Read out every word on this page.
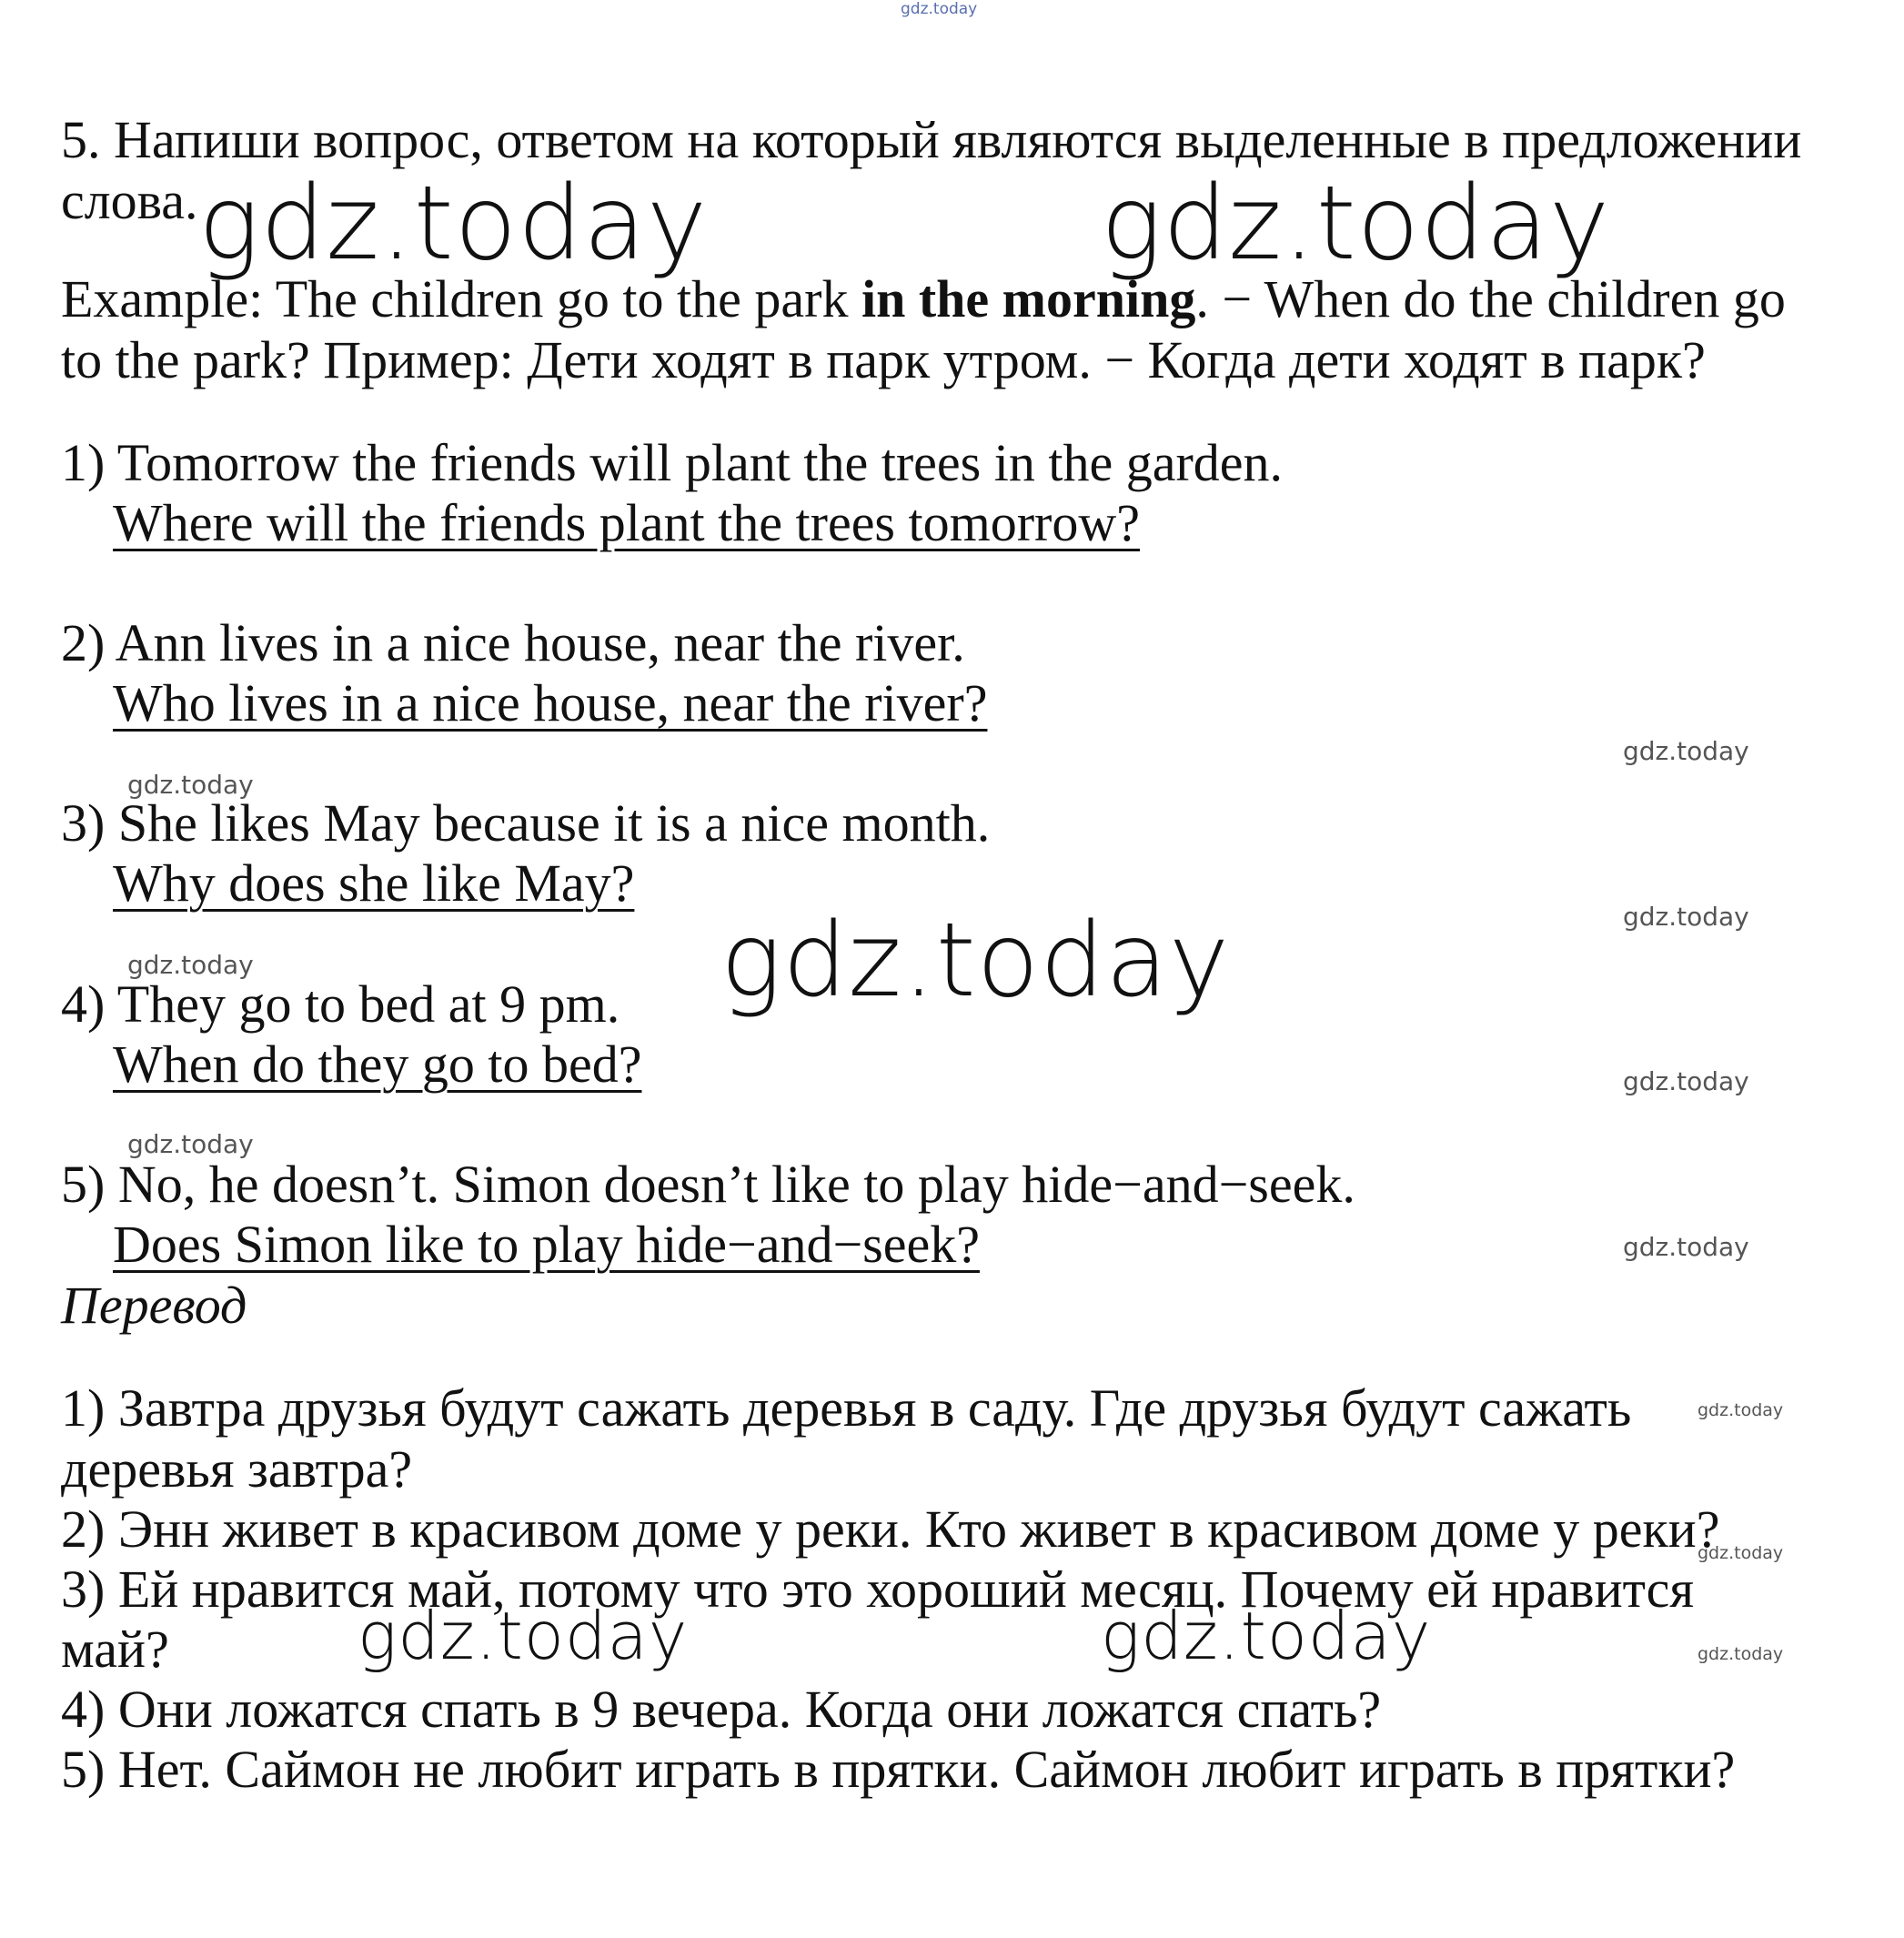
gdz.today
5. Напиши вопрос, ответом на который являются выделенные в предложении
слова. gdz.today	gdz.today
Example: The children go to the park in the morning. − When do the children go
to the park? Пример: Дети ходят в парк утром. − Когда дети ходят в парк?
1) Tomorrow the friends will plant the trees in the garden.
Where will the friends plant the trees tomorrow?
2) Ann lives in a nice house, near the river.
Who lives in a nice house, near the river?
gdz.today
gdz.today
3) She likes May because it is a nice month.
Why does she like May?
gdz.today
gdz.today
gdz.today
4) They go to bed at 9 pm.
When do they go to bed?	gdz.today
gdz.today
5) No, he doesn’t. Simon doesn’t like to play hide−and−seek.
Does Simon like to play hide−and−seek?	gdz.today
Перевод
1) Завтра друзья будут сажать деревья в саду. Где друзья будут сажать	gdz.today
деревья завтра?
2) Энн живет в красивом доме у реки. Кто живет в красивом доме у реки?
gdz.today
3) Ей нравится май, потому что это хороший месяц. Почему ей нравится
май?	gdz.today	gdz.today	gdz.today
4) Они ложатся спать в 9 вечера. Когда они ложатся спать?
5) Нет. Саймон не любит играть в прятки. Саймон любит играть в прятки?
